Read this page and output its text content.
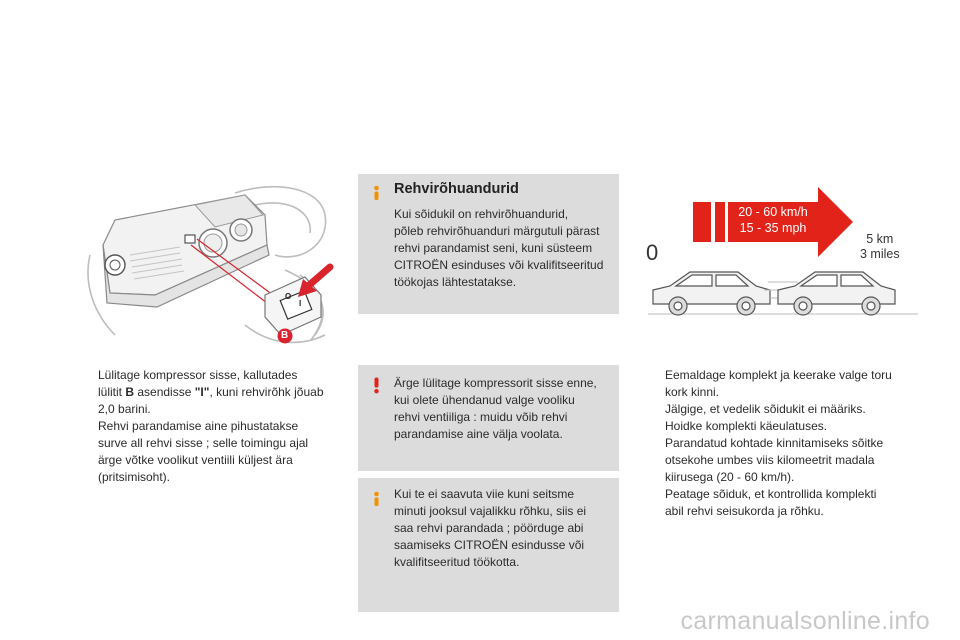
O
I
B
Lülitage kompressor sisse, kallutades
lülitit B asendisse "I", kuni rehvirõhk jõuab
2,0 barini.
Rehvi parandamise aine pihustatakse
surve all rehvi sisse ; selle toimingu ajal
ärge võtke voolikut ventiili küljest ära
(pritsimisoht).
Rehvirõhuandurid
Kui sõidukil on rehvirõhuandurid,
põleb rehvirõhuanduri märgutuli pärast
rehvi parandamist seni, kuni süsteem
CITROËN esinduses või kvalifitseeritud
töökojas lähtestatakse.
Ärge lülitage kompressorit sisse enne,
kui olete ühendanud valge vooliku
rehvi ventiiliga : muidu võib rehvi
parandamise aine välja voolata.
Kui te ei saavuta viie kuni seitsme
minuti jooksul vajalikku rõhku, siis ei
saa rehvi parandada ; pöörduge abi
saamiseks CITROËN esindusse või
kvalifitseeritud töökotta.
0
20 - 60 km/h
15 - 35 mph
5 km
3 miles
Eemaldage komplekt ja keerake valge toru
kork kinni.
Jälgige, et vedelik sõidukit ei määriks.
Hoidke komplekti käeulatuses.
Parandatud kohtade kinnitamiseks sõitke
otsekohe umbes viis kilomeetrit madala
kiirusega (20 - 60 km/h).
Peatage sõiduk, et kontrollida komplekti
abil rehvi seisukorda ja rõhku.
carmanualsonline.info
